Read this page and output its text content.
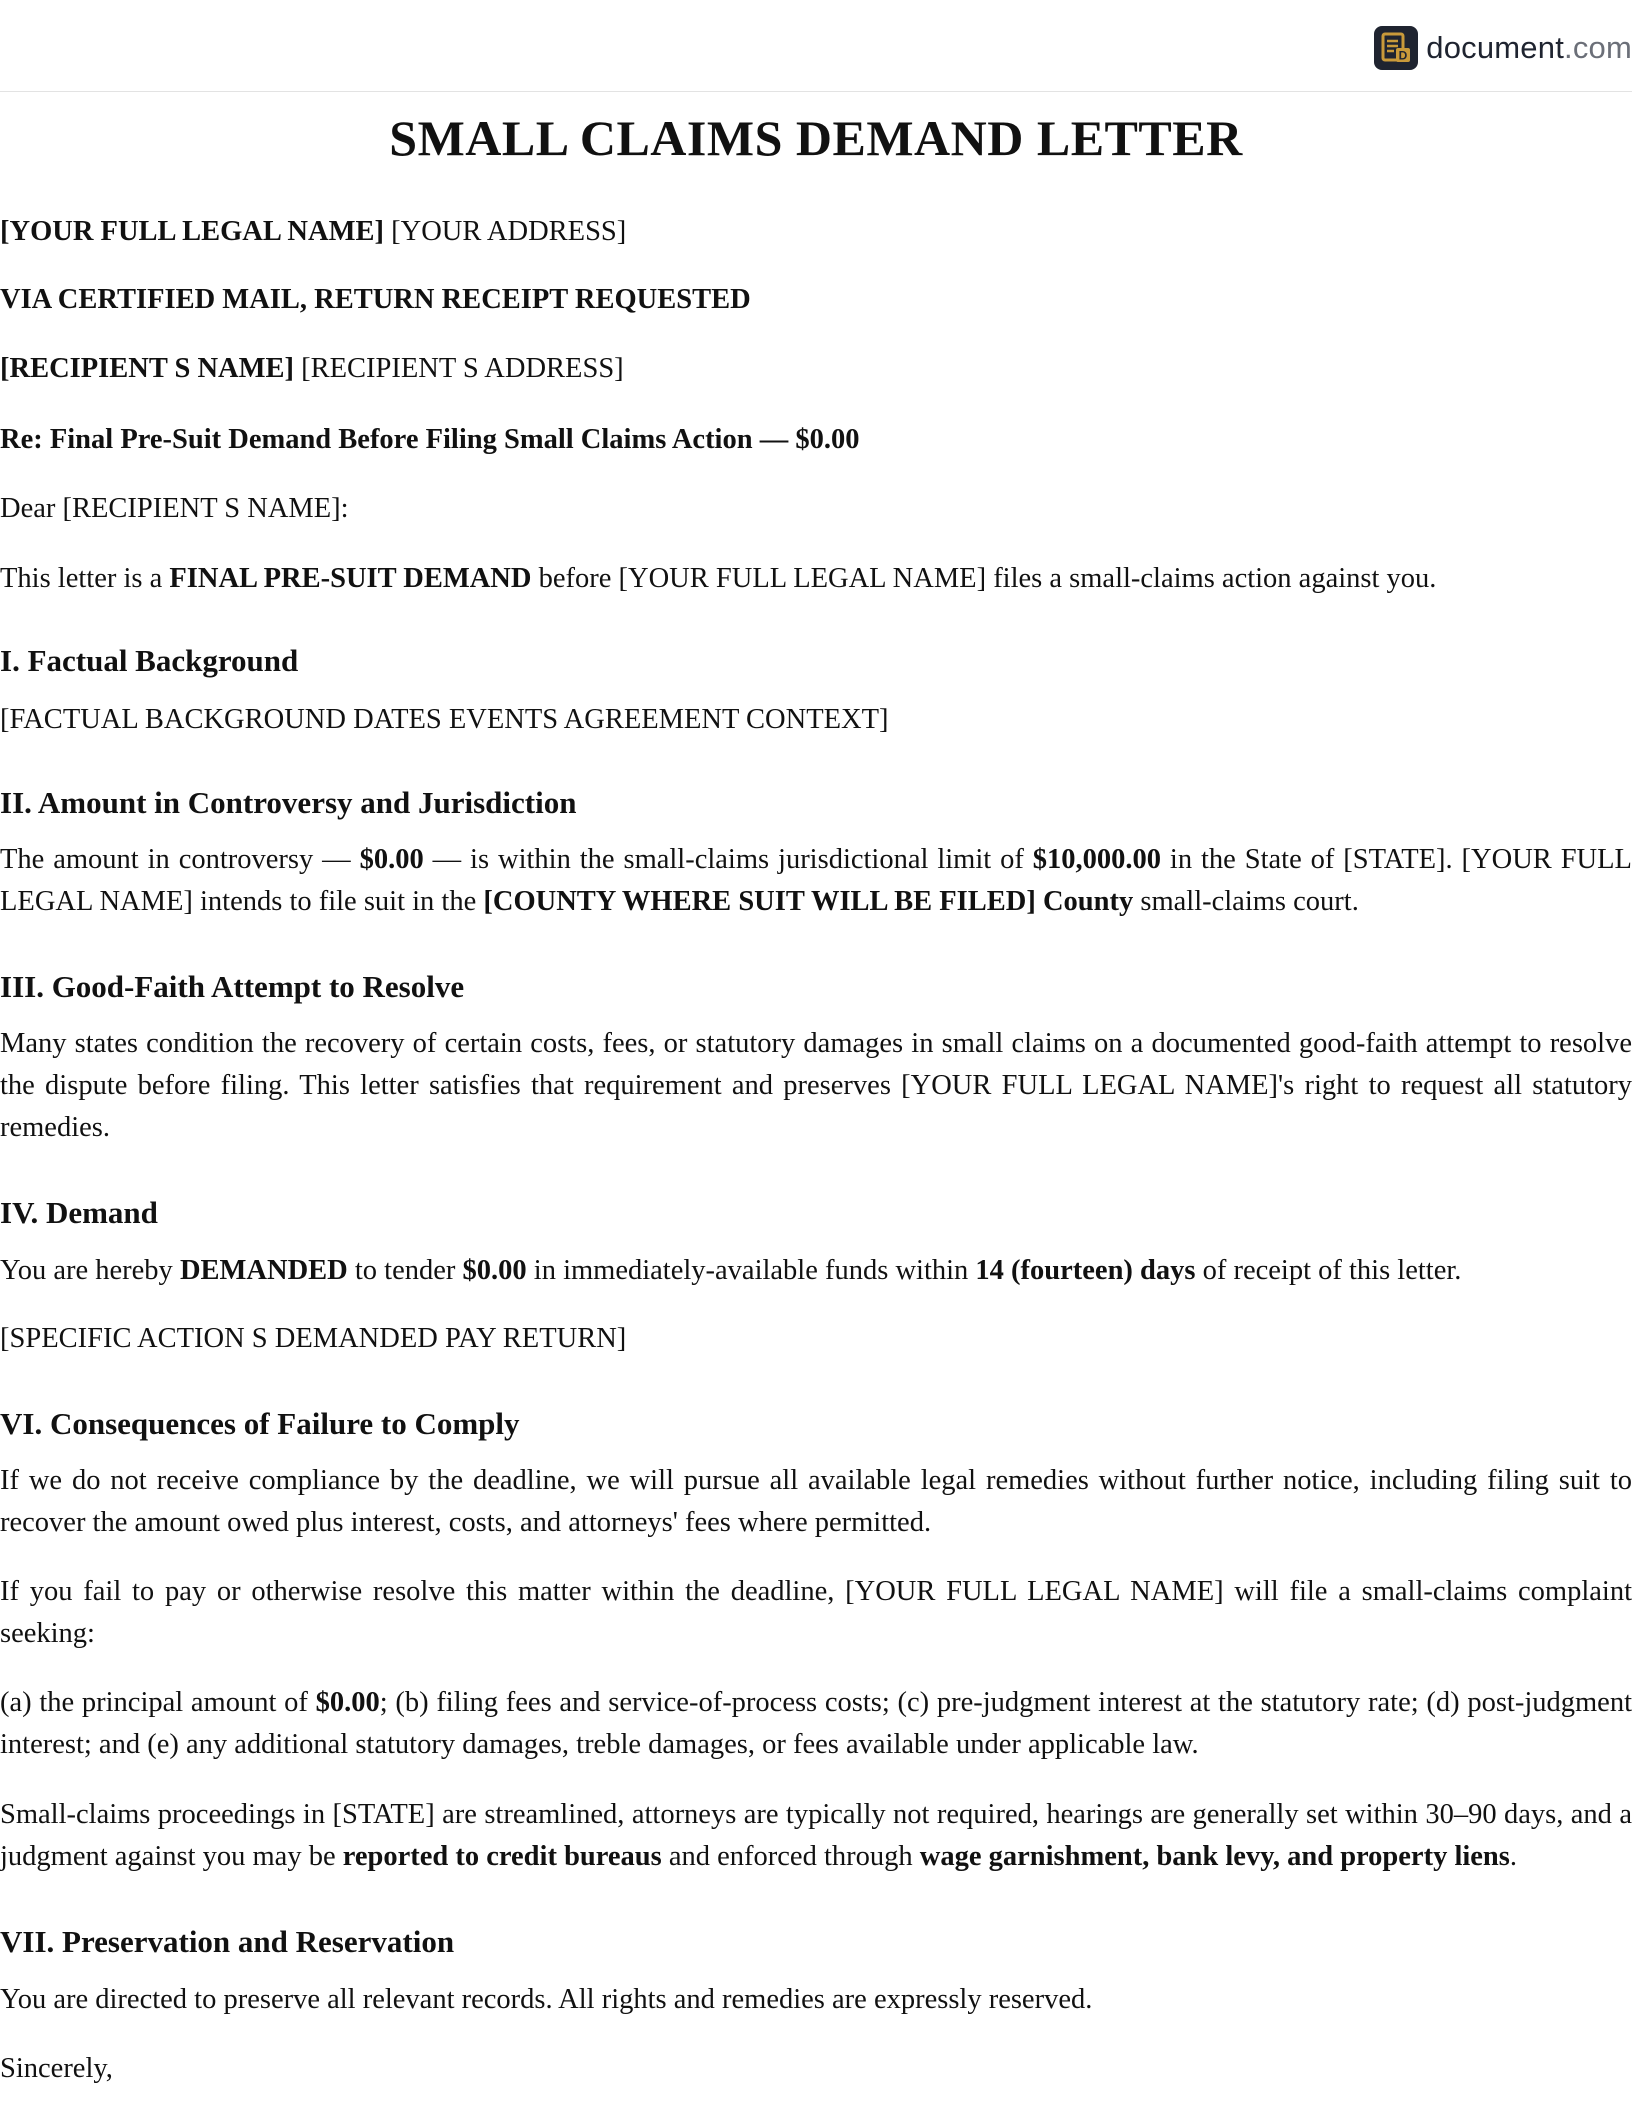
D document.com
SMALL CLAIMS DEMAND LETTER

[YOUR FULL LEGAL NAME] [YOUR ADDRESS]

VIA CERTIFIED MAIL, RETURN RECEIPT REQUESTED

[RECIPIENT S NAME] [RECIPIENT S ADDRESS]

Re: Final Pre-Suit Demand Before Filing Small Claims Action — $0.00

Dear [RECIPIENT S NAME]:

This letter is a FINAL PRE-SUIT DEMAND before [YOUR FULL LEGAL NAME] files a small-claims action against you.

I. Factual Background

[FACTUAL BACKGROUND DATES EVENTS AGREEMENT CONTEXT]

II. Amount in Controversy and Jurisdiction

The amount in controversy — $0.00 — is within the small-claims jurisdictional limit of $10,000.00 in the State of [STATE]. [YOUR FULL LEGAL NAME] intends to file suit in the [COUNTY WHERE SUIT WILL BE FILED] County small-claims court.

III. Good-Faith Attempt to Resolve

Many states condition the recovery of certain costs, fees, or statutory damages in small claims on a documented good-faith attempt to resolve the dispute before filing. This letter satisfies that requirement and preserves [YOUR FULL LEGAL NAME]'s right to request all statutory remedies.

IV. Demand

You are hereby DEMANDED to tender $0.00 in immediately-available funds within 14 (fourteen) days of receipt of this letter.

[SPECIFIC ACTION S DEMANDED PAY RETURN]

VI. Consequences of Failure to Comply

If we do not receive compliance by the deadline, we will pursue all available legal remedies without further notice, including filing suit to recover the amount owed plus interest, costs, and attorneys' fees where permitted.

If you fail to pay or otherwise resolve this matter within the deadline, [YOUR FULL LEGAL NAME] will file a small-claims complaint seeking:

(a) the principal amount of $0.00; (b) filing fees and service-of-process costs; (c) pre-judgment interest at the statutory rate; (d) post-judgment interest; and (e) any additional statutory damages, treble damages, or fees available under applicable law.

Small-claims proceedings in [STATE] are streamlined, attorneys are typically not required, hearings are generally set within 30–90 days, and a judgment against you may be reported to credit bureaus and enforced through wage garnishment, bank levy, and property liens.

VII. Preservation and Reservation

You are directed to preserve all relevant records. All rights and remedies are expressly reserved.

Sincerely,
